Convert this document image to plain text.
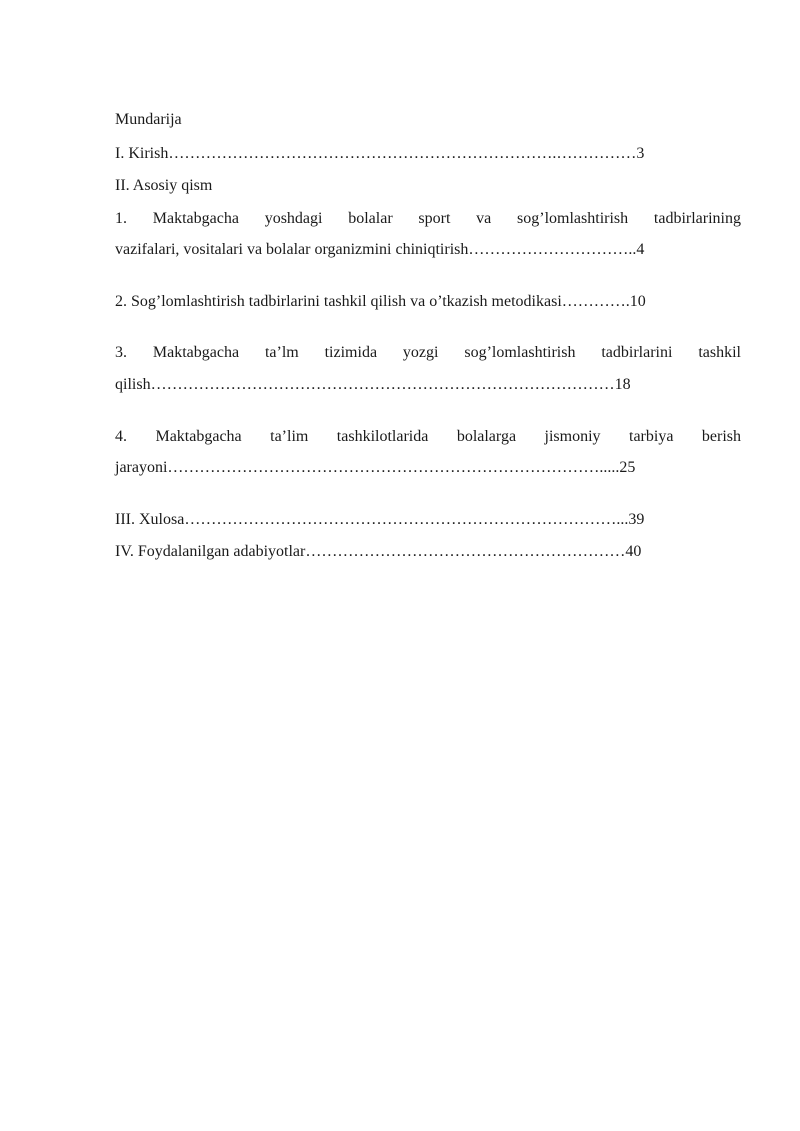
Mundarija
I. Kirish……………………………………………………………….……………3
II. Asosiy qism
1. Maktabgacha yoshdagi bolalar sport va sog’lomlashtirish tadbirlarining
vazifalari, vositalari va bolalar organizmini chiniqtirish…………………………..4
2. Sog’lomlashtirish tadbirlarini tashkil qilish va o’tkazish metodikasi………….10
3. Maktabgacha ta’lm tizimida yozgi sog’lomlashtirish tadbirlarini tashkil
qilish……………………………………………………………………………18
4. Maktabgacha ta’lim tashkilotlarida bolalarga jismoniy tarbiya berish
jarayoni……………………………………………………………………….....25
III. Xulosa………………………………………………………………………...39
IV. Foydalanilgan adabiyotlar……………………………………………………40
